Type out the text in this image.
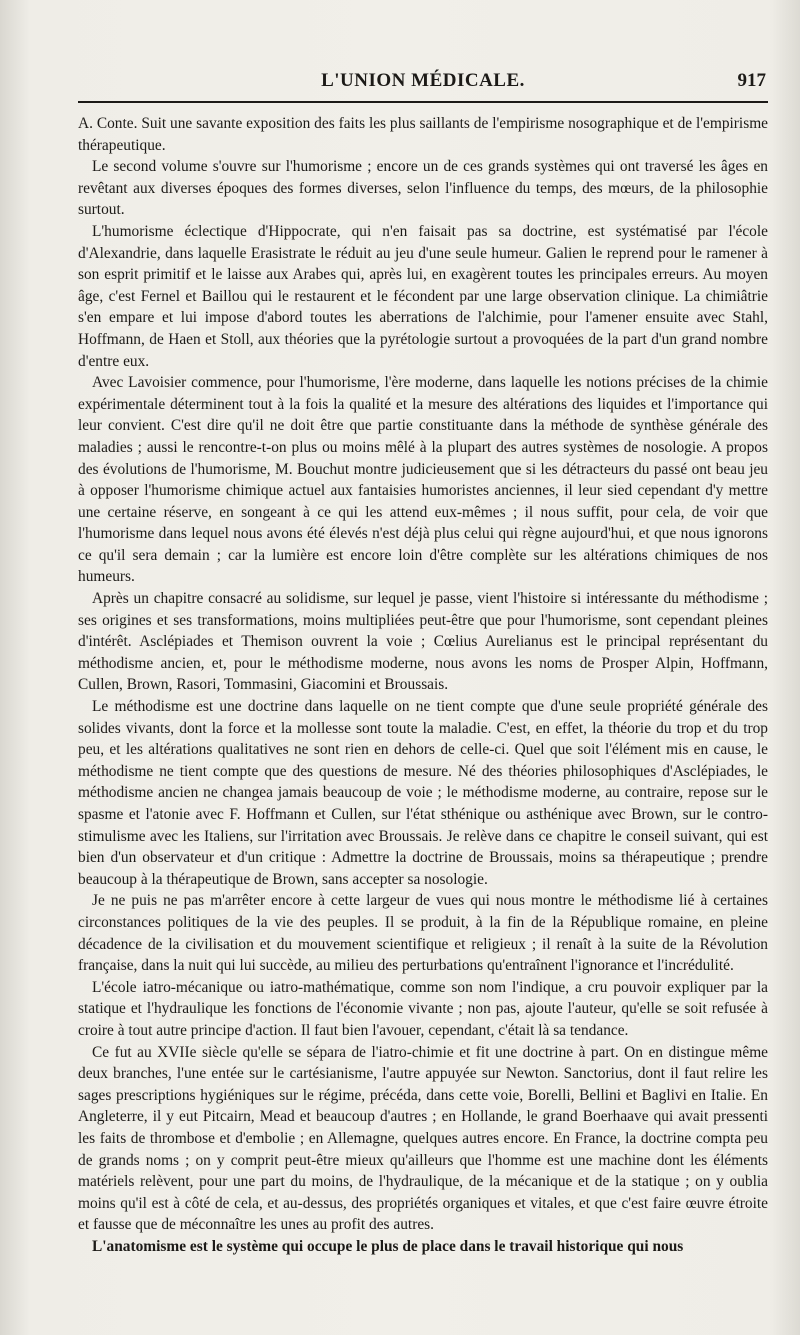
L'UNION MÉDICALE.	917

A. Conte. Suit une savante exposition des faits les plus saillants de l'empirisme nosographique et de l'empirisme thérapeutique.

Le second volume s'ouvre sur l'humorisme ; encore un de ces grands systèmes qui ont traversé les âges en revêtant aux diverses époques des formes diverses, selon l'influence du temps, des mœurs, de la philosophie surtout.

L'humorisme éclectique d'Hippocrate, qui n'en faisait pas sa doctrine, est systématisé par l'école d'Alexandrie, dans laquelle Erasistrate le réduit au jeu d'une seule humeur. Galien le reprend pour le ramener à son esprit primitif et le laisse aux Arabes qui, après lui, en exagèrent toutes les principales erreurs. Au moyen âge, c'est Fernel et Baillou qui le restaurent et le fécondent par une large observation clinique. La chimiâtrie s'en empare et lui impose d'abord toutes les aberrations de l'alchimie, pour l'amener ensuite avec Stahl, Hoffmann, de Haen et Stoll, aux théories que la pyrétologie surtout a provoquées de la part d'un grand nombre d'entre eux.

Avec Lavoisier commence, pour l'humorisme, l'ère moderne, dans laquelle les notions précises de la chimie expérimentale déterminent tout à la fois la qualité et la mesure des altérations des liquides et l'importance qui leur convient. C'est dire qu'il ne doit être que partie constituante dans la méthode de synthèse générale des maladies ; aussi le rencontre-t-on plus ou moins mêlé à la plupart des autres systèmes de nosologie. A propos des évolutions de l'humorisme, M. Bouchut montre judicieusement que si les détracteurs du passé ont beau jeu à opposer l'humorisme chimique actuel aux fantaisies humoristes anciennes, il leur sied cependant d'y mettre une certaine réserve, en songeant à ce qui les attend eux-mêmes ; il nous suffit, pour cela, de voir que l'humorisme dans lequel nous avons été élevés n'est déjà plus celui qui règne aujourd'hui, et que nous ignorons ce qu'il sera demain ; car la lumière est encore loin d'être complète sur les altérations chimiques de nos humeurs.

Après un chapitre consacré au solidisme, sur lequel je passe, vient l'histoire si intéressante du méthodisme ; ses origines et ses transformations, moins multipliées peut-être que pour l'humorisme, sont cependant pleines d'intérêt. Asclépiades et Themison ouvrent la voie ; Cœlius Aurelianus est le principal représentant du méthodisme ancien, et, pour le méthodisme moderne, nous avons les noms de Prosper Alpin, Hoffmann, Cullen, Brown, Rasori, Tommasini, Giacomini et Broussais.

Le méthodisme est une doctrine dans laquelle on ne tient compte que d'une seule propriété générale des solides vivants, dont la force et la mollesse sont toute la maladie. C'est, en effet, la théorie du trop et du trop peu, et les altérations qualitatives ne sont rien en dehors de celle-ci. Quel que soit l'élément mis en cause, le méthodisme ne tient compte que des questions de mesure. Né des théories philosophiques d'Asclépiades, le méthodisme ancien ne changea jamais beaucoup de voie ; le méthodisme moderne, au contraire, repose sur le spasme et l'atonie avec F. Hoffmann et Cullen, sur l'état sthénique ou asthénique avec Brown, sur le contro-stimulisme avec les Italiens, sur l'irritation avec Broussais. Je relève dans ce chapitre le conseil suivant, qui est bien d'un observateur et d'un critique : Admettre la doctrine de Broussais, moins sa thérapeutique ; prendre beaucoup à la thérapeutique de Brown, sans accepter sa nosologie.

Je ne puis ne pas m'arrêter encore à cette largeur de vues qui nous montre le méthodisme lié à certaines circonstances politiques de la vie des peuples. Il se produit, à la fin de la République romaine, en pleine décadence de la civilisation et du mouvement scientifique et religieux ; il renaît à la suite de la Révolution française, dans la nuit qui lui succède, au milieu des perturbations qu'entraînent l'ignorance et l'incrédulité.

L'école iatro-mécanique ou iatro-mathématique, comme son nom l'indique, a cru pouvoir expliquer par la statique et l'hydraulique les fonctions de l'économie vivante ; non pas, ajoute l'auteur, qu'elle se soit refusée à croire à tout autre principe d'action. Il faut bien l'avouer, cependant, c'était là sa tendance.

Ce fut au XVIIe siècle qu'elle se sépara de l'iatro-chimie et fit une doctrine à part. On en distingue même deux branches, l'une entée sur le cartésianisme, l'autre appuyée sur Newton. Sanctorius, dont il faut relire les sages prescriptions hygiéniques sur le régime, précéda, dans cette voie, Borelli, Bellini et Baglivi en Italie. En Angleterre, il y eut Pitcairn, Mead et beaucoup d'autres ; en Hollande, le grand Boerhaave qui avait pressenti les faits de thrombose et d'embolie ; en Allemagne, quelques autres encore. En France, la doctrine compta peu de grands noms ; on y comprit peut-être mieux qu'ailleurs que l'homme est une machine dont les éléments matériels relèvent, pour une part du moins, de l'hydraulique, de la mécanique et de la statique ; on y oublia moins qu'il est à côté de cela, et au-dessus, des propriétés organiques et vitales, et que c'est faire œuvre étroite et fausse que de méconnaître les unes au profit des autres.

L'anatomisme est le système qui occupe le plus de place dans le travail historique qui nous
